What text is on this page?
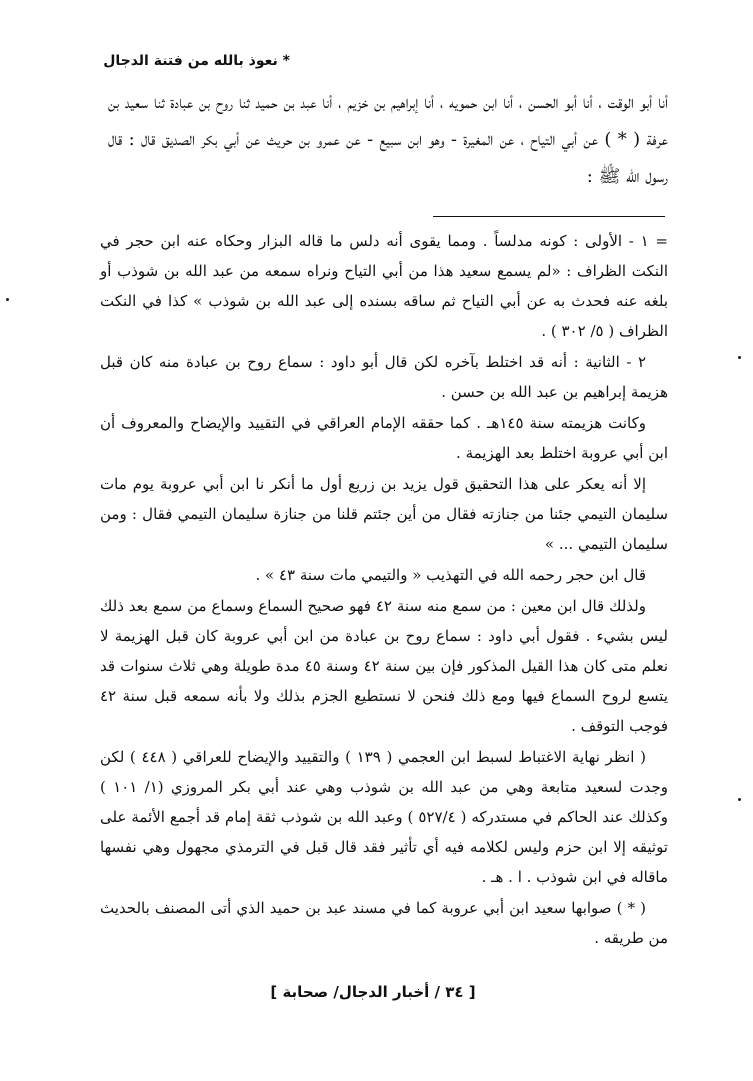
* نعوذ بالله من فتنة الدجال

أنا أبو الوقت ، أنا أبو الحسن ، أنا ابن حمويه ، أنا إبراهيم بن خزيم ، أنا عبد بن حميد ثنا روح بن عبادة ثنا سعيد بن عرفة ( * ) عن أبي التياح ، عن المغيرة - وهو ابن سبيع - عن عمرو بن حريث عن أبي بكر الصديق قال : قال رسول الله ﷺ :

= ١ - الأولى : كونه مدلساً . ومما يقوى أنه دلس ما قاله البزار وحكاه عنه ابن حجر في النكت الظراف : «لم يسمع سعيد هذا من أبي التياح ونراه سمعه من عبد الله بن شوذب أو بلغه عنه فحدث به عن أبي التياح ثم ساقه بسنده إلى عبد الله بن شوذب » كذا في النكت الظراف ( ٥/ ٣٠٢ ) .

٢ - الثانية : أنه قد اختلط بآخره لكن قال أبو داود : سماع روح بن عبادة منه كان قبل هزيمة إبراهيم بن عبد الله بن حسن .

وكانت هزيمته سنة ١٤٥هـ . كما حققه الإمام العراقي في التقييد والإيضاح والمعروف أن ابن أبي عروبة اختلط بعد الهزيمة .

إلا أنه يعكر على هذا التحقيق قول يزيد بن زريع أول ما أنكر نا ابن أبي عروبة يوم مات سليمان التيمي جئنا من جنازته فقال من أين جئتم قلنا من جنازة سليمان التيمي فقال : ومن سليمان التيمي ... »

قال ابن حجر رحمه الله في التهذيب « والتيمي مات سنة ٤٣ » .

ولذلك قال ابن معين : من سمع منه سنة ٤٢ فهو صحيح السماع وسماع من سمع بعد ذلك ليس بشيء . فقول أبي داود : سماع روح بن عبادة من ابن أبي عروبة كان قبل الهزيمة لا نعلم متى كان هذا القيل المذكور فإن بين سنة ٤٢ وسنة ٤٥ مدة طويلة وهي ثلاث سنوات قد يتسع لروح السماع فيها ومع ذلك فنحن لا نستطيع الجزم بذلك ولا بأنه سمعه قبل سنة ٤٢ فوجب التوقف .

( انظر نهاية الاغتباط لسبط ابن العجمي ( ١٣٩ ) والتقييد والإيضاح للعراقي ( ٤٤٨ ) لكن وجدت لسعيد متابعة وهي من عبد الله بن شوذب وهي عند أبي بكر المروزي (١/ ١٠١ ) وكذلك عند الحاكم في مستدركه ( ٥٢٧/٤ ) وعبد الله بن شوذب ثقة إمام قد أجمع الأئمة على توثيقه إلا ابن حزم وليس لكلامه فيه أي تأثير فقد قال قبل في الترمذي مجهول وهي نفسها ماقاله في ابن شوذب . ا . هـ .

( * ) صوابها سعيد ابن أبي عروبة كما في مسند عبد بن حميد الذي أتى المصنف بالحديث من طريقه .

[ ٣٤ / أخبار الدجال/ صحابة ]
